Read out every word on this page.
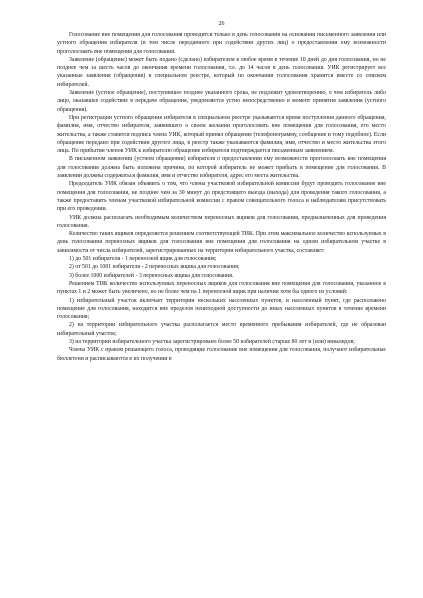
26

Голосование вне помещения для голосования проводится только в день голосования на основании письменного заявления или устного обращения избирателя (в том числе переданного при содействии других лиц) о предоставлении ему возможности проголосовать вне помещения для голосования.

Заявление (обращение) может быть подано (сделано) избирателем в любое время в течение 10 дней до дня голосования, но не позднее чем за шесть часов до окончания времени голосования, т.е. до 14 часов в день голосования. УИК регистрирует все указанные заявления (обращения) в специальном реестре, который по окончании голосования хранится вместе со списком избирателей.

Заявление (устное обращение), поступившее позднее указанного срока, не подлежит удовлетворению, о чем избиратель либо лицо, оказавшее содействие в передаче обращения, уведомляется устно непосредственно в момент принятия заявления (устного обращения).

При регистрации устного обращения избирателя в специальном реестре указываются время поступления данного обращения, фамилия, имя, отчество избирателя, заявившего о своем желании проголосовать вне помещения для голосования, его место жительства, а также ставится подпись члена УИК, который принял обращение (телефонограмму, сообщение и тому подобное). Если обращение передано при содействии другого лица, в реестр также указываются фамилия, имя, отчество и место жительства этого лица. По прибытии членов УИК к избирателю обращение избирателя подтверждается письменным заявлением.

В письменном заявлении (устном обращении) избирателя о предоставлении ему возможности проголосовать вне помещения для голосования должна быть изложена причина, по которой избиратель не может прибыть в помещение для голосования. В заявлении должны содержаться фамилия, имя и отчество избирателя, адрес его места жительства.

Председатель УИК обязан объявить о том, что члены участковой избирательной комиссии будут проводить голосование вне помещения для голосования, не позднее чем за 30 минут до предстоящего выезда (выхода) для проведения такого голосования, а также предоставить членам участковой избирательной комиссии с правом совещательного голоса и наблюдателям присутствовать при его проведении.

УИК должна располагать необходимым количеством переносных ящиков для голосования, предназначенных для проведения голосования.

Количество таких ящиков определяется решением соответствующей ТИК. При этом максимальное количество используемых в день голосования переносных ящиков для голосования вне помещения для голосования на одном избирательном участке в зависимости от числа избирателей, зарегистрированных на территории избирательного участка, составляет:

1) до 501 избирателя - 1 переносной ящик для голосования;

2) от 501 до 1001 избирателя - 2 переносных ящика для голосования;

3) более 1000 избирателей - 3 переносных ящика для голосования.

Решением ТИК количество используемых переносных ящиков для голосования вне помещения для голосования, указанное в пунктах 1 и 2 может быть увеличено, но не более чем на 1 переносной ящик при наличии хотя бы одного из условий:

1) избирательный участок включает территории нескольких населенных пунктов, и населенный пункт, где расположено помещение для голосования, находится вне пределов пешеходной доступности до иных населенных пунктов в течение времени голосования;

2) на территории избирательного участка располагается место временного пребывания избирателей, где не образован избирательный участок;

3) на территории избирательного участка зарегистрировано более 50 избирателей старше 80 лет и (или) инвалидов;

Члены УИК с правом решающего голоса, проводящие голосование вне помещения для голосования, получают избирательные бюллетени и расписываются в их получении в
